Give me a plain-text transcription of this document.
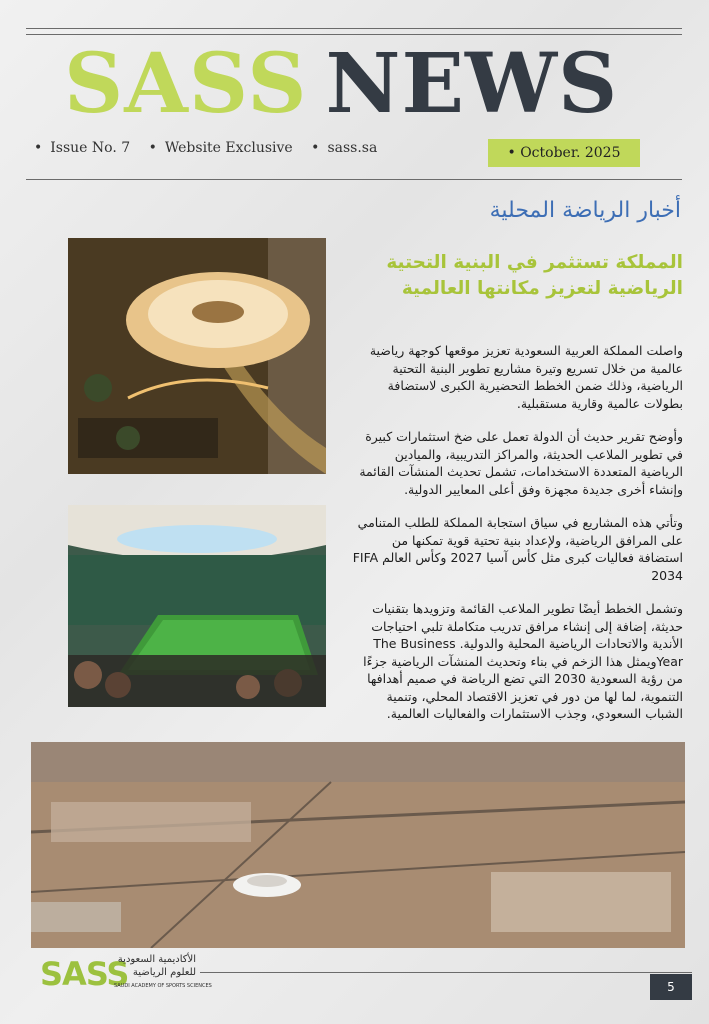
SASS NEWS
• Issue No. 7 • Website Exclusive • sass.sa	• October. 2025
أخبار الرياضة المحلية
المملكة تستثمر في البنية التحتية الرياضية لتعزيز مكانتها العالمية

واصلت المملكة العربية السعودية تعزيز موقعها كوجهة رياضية عالمية من خلال تسريع وتيرة مشاريع تطوير البنية التحتية الرياضية، وذلك ضمن الخطط التحضيرية الكبرى لاستضافة بطولات عالمية وقارية مستقبلية.

وأوضح تقرير حديث أن الدولة تعمل على ضخ استثمارات كبيرة في تطوير الملاعب الحديثة، والمراكز التدريبية، والميادين الرياضية المتعددة الاستخدامات، تشمل تحديث المنشآت القائمة وإنشاء أخرى جديدة مجهزة وفق أعلى المعايير الدولية.

وتأتي هذه المشاريع في سياق استجابة المملكة للطلب المتنامي على المرافق الرياضية، ولإعداد بنية تحتية قوية تمكنها من استضافة فعاليات كبرى مثل كأس آسيا 2027 وكأس العالم FIFA 2034

وتشمل الخطط أيضًا تطوير الملاعب القائمة وتزويدها بتقنيات حديثة، إضافة إلى إنشاء مرافق تدريب متكاملة تلبي احتياجات الأندية والاتحادات الرياضية المحلية والدولية. The Business Yearويمثل هذا الزخم في بناء وتحديث المنشآت الرياضية جزءًا من رؤية السعودية 2030 التي تضع الرياضة في صميم أهدافها التنموية، لما لها من دور في تعزيز الاقتصاد المحلي، وتنمية الشباب السعودي، وجذب الاستثمارات والفعاليات العالمية.

SASS
الأكاديمية السعودية للعلوم الرياضية
SAUDI ACADEMY OF SPORTS SCIENCES	5
